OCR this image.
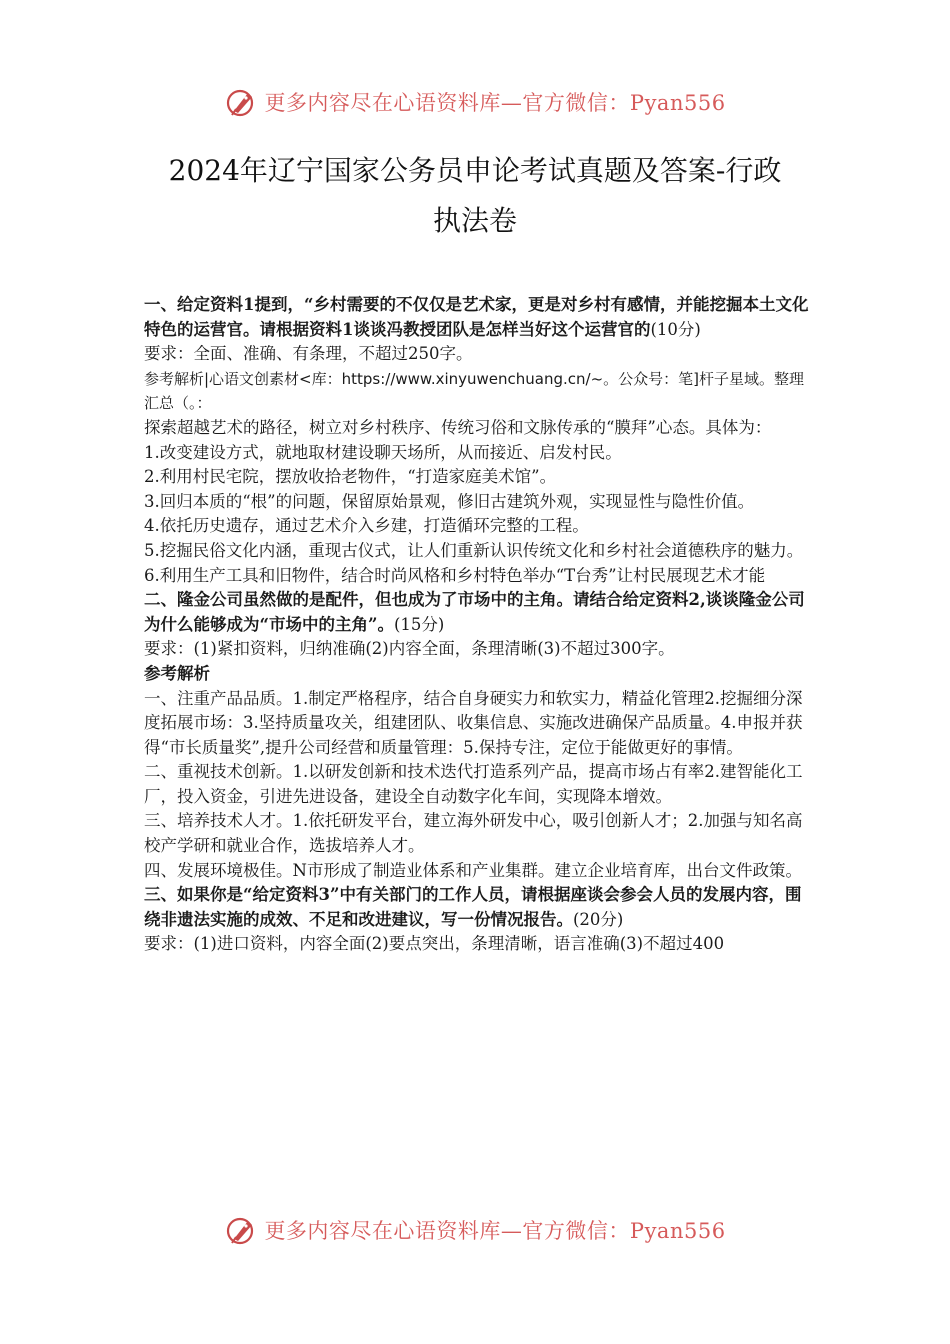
更多内容尽在心语资料库—官方微信：Pyan556
2024年辽宁国家公务员申论考试真题及答案-行政
执法卷

一、给定资料1提到，“乡村需要的不仅仅是艺术家，更是对乡村有感情，并能挖掘本土文化特色的运营官。请根据资料1谈谈冯教授团队是怎样当好这个运营官的(10分)

要求：全面、准确、有条理，不超过250字。

参考解析|心语文创素材<库：https://www.xinyuwenchuang.cn/~。公众号：笔]杆子星域。整理汇总（。：

探索超越艺术的路径，树立对乡村秩序、传统习俗和文脉传承的“膜拜”心态。具体为：

1.改变建设方式，就地取材建设聊天场所，从而接近、启发村民。

2.利用村民宅院，摆放收拾老物件，“打造家庭美术馆”。

3.回归本质的“根”的问题，保留原始景观，修旧古建筑外观，实现显性与隐性价值。

4.依托历史遗存，通过艺术介入乡建，打造循环完整的工程。

5.挖掘民俗文化内涵，重现古仪式，让人们重新认识传统文化和乡村社会道德秩序的魅力。

6.利用生产工具和旧物件，结合时尚风格和乡村特色举办“T台秀”让村民展现艺术才能

二、隆金公司虽然做的是配件，但也成为了市场中的主角。请结合给定资料2,谈谈隆金公司为什么能够成为“市场中的主角”。(15分)

要求：(1)紧扣资料，归纳准确(2)内容全面，条理清晰(3)不超过300字。

参考解析

一、注重产品品质。1.制定严格程序，结合自身硬实力和软实力，精益化管理2.挖掘细分深度拓展市场：3.坚持质量攻关，组建团队、收集信息、实施改进确保产品质量。4.申报并获得“市长质量奖”,提升公司经营和质量管理：5.保持专注，定位于能做更好的事情。

二、重视技术创新。1.以研发创新和技术迭代打造系列产品，提高市场占有率2.建智能化工厂，投入资金，引进先进设备，建设全自动数字化车间，实现降本增效。

三、培养技术人才。1.依托研发平台，建立海外研发中心，吸引创新人才；2.加强与知名高校产学研和就业合作，选拔培养人才。

四、发展环境极佳。N市形成了制造业体系和产业集群。建立企业培育库，出台文件政策。

三、如果你是“给定资料3”中有关部门的工作人员，请根据座谈会参会人员的发展内容，围绕非遗法实施的成效、不足和改进建议，写一份情况报告。(20分)

要求：(1)进口资料，内容全面(2)要点突出，条理清晰，语言准确(3)不超过400

更多内容尽在心语资料库—官方微信：Pyan556
